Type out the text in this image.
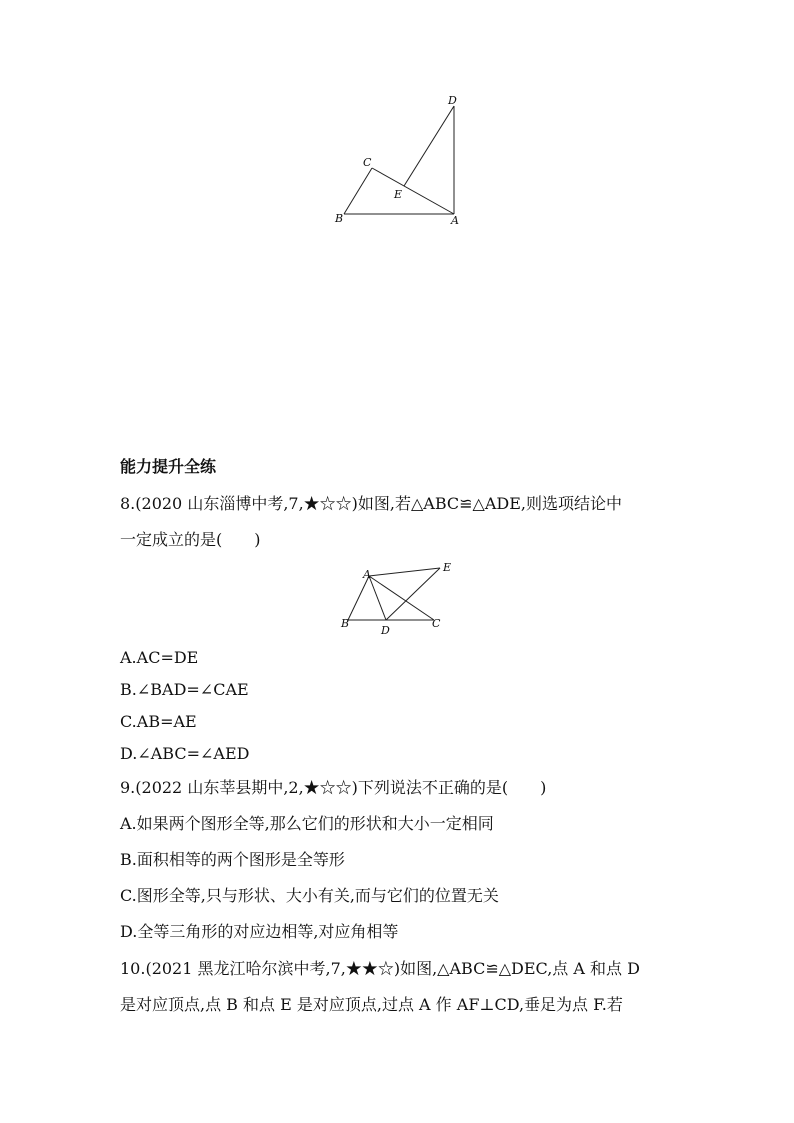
D
C
E
B	A
能力提升全练
8.(2020 山东淄博中考,7,★☆☆)如图,若△ABC≌△ADE,则选项结论中
一定成立的是(　　)
A
E
B
D
C
A.AC=DE
B.∠BAD=∠CAE
C.AB=AE
D.∠ABC=∠AED
9.(2022 山东莘县期中,2,★☆☆)下列说法不正确的是(　　)
A.如果两个图形全等,那么它们的形状和大小一定相同
B.面积相等的两个图形是全等形
C.图形全等,只与形状、大小有关,而与它们的位置无关
D.全等三角形的对应边相等,对应角相等
10.(2021 黑龙江哈尔滨中考,7,★★☆)如图,△ABC≌△DEC,点 A 和点 D
是对应顶点,点 B 和点 E 是对应顶点,过点 A 作 AF⊥CD,垂足为点 F.若
